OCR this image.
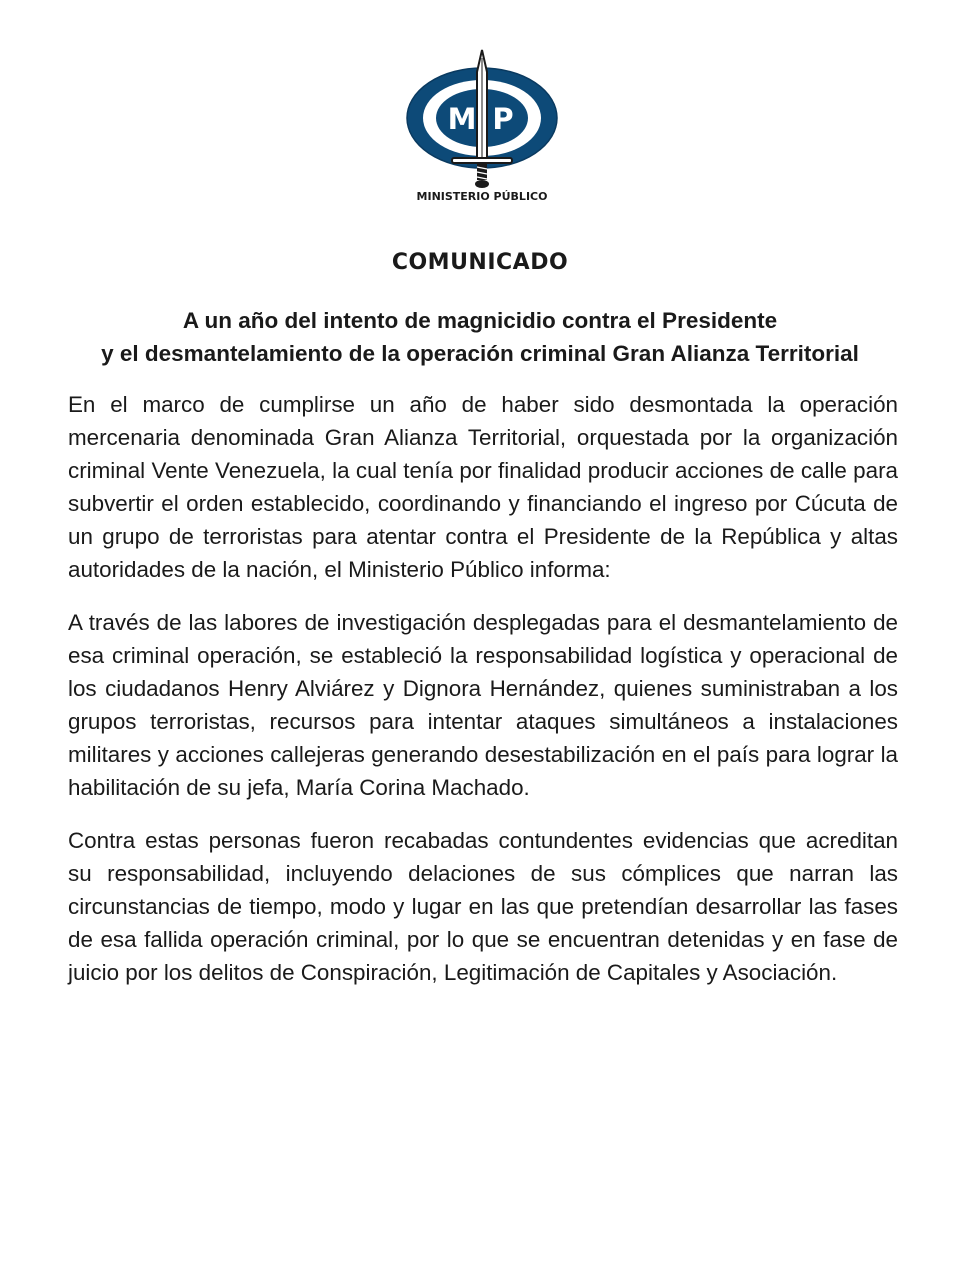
M P
MINISTERIO PÚBLICO
COMUNICADO
A un año del intento de magnicidio contra el Presidente
y el desmantelamiento de la operación criminal Gran Alianza Territorial

En el marco de cumplirse un año de haber sido desmontada la operación mercenaria denominada Gran Alianza Territorial, orquestada por la organización criminal Vente Venezuela, la cual tenía por finalidad producir acciones de calle para subvertir el orden establecido, coordinando y financiando el ingreso por Cúcuta de un grupo de terroristas para atentar contra el Presidente de la República y altas autoridades de la nación, el Ministerio Público informa:

A través de las labores de investigación desplegadas para el desmantelamiento de esa criminal operación, se estableció la responsabilidad logística y operacional de los ciudadanos Henry Alviárez y Dignora Hernández, quienes suministraban a los grupos terroristas, recursos para intentar ataques simultáneos a instalaciones militares y acciones callejeras generando desestabilización en el país para lograr la habilitación de su jefa, María Corina Machado.

Contra estas personas fueron recabadas contundentes evidencias que acreditan su responsabilidad, incluyendo delaciones de sus cómplices que narran las circunstancias de tiempo, modo y lugar en las que pretendían desarrollar las fases de esa fallida operación criminal, por lo que se encuentran detenidas y en fase de juicio por los delitos de Conspiración, Legitimación de Capitales y Asociación.
